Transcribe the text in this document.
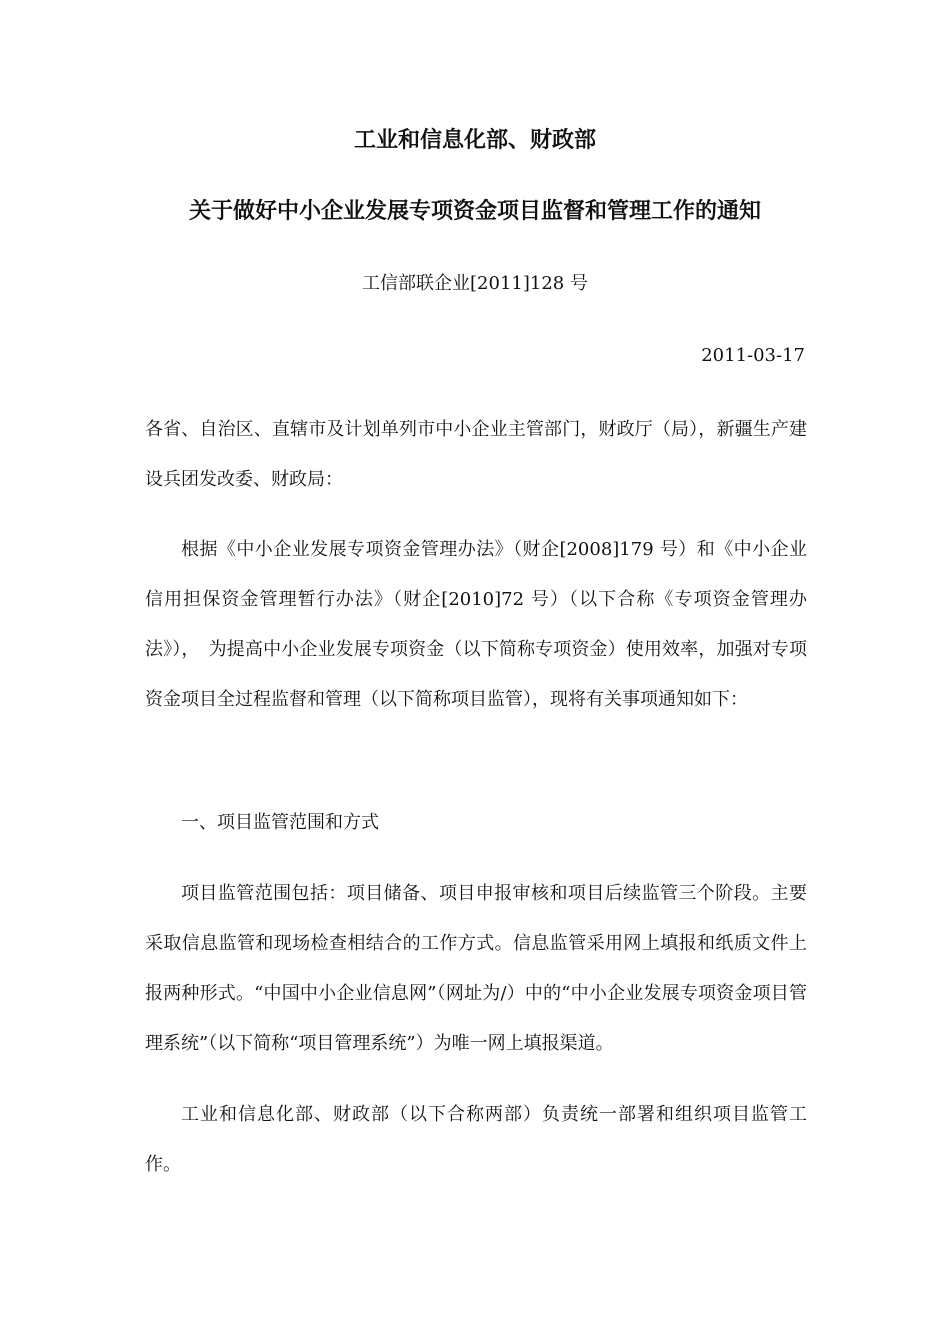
工业和信息化部、财政部
关于做好中小企业发展专项资金项目监督和管理工作的通知
工信部联企业[2011]128 号
2011-03-17
各省、自治区、直辖市及计划单列市中小企业主管部门，财政厅（局），新疆生产建设兵团发改委、财政局：
根据《中小企业发展专项资金管理办法》（财企[2008]179 号）和《中小企业信用担保资金管理暂行办法》（财企[2010]72 号）（以下合称《专项资金管理办法》），　为提高中小企业发展专项资金（以下简称专项资金）使用效率，加强对专项资金项目全过程监督和管理（以下简称项目监管），现将有关事项通知如下：
一、项目监管范围和方式
项目监管范围包括：项目储备、项目申报审核和项目后续监管三个阶段。主要采取信息监管和现场检查相结合的工作方式。信息监管采用网上填报和纸质文件上报两种形式。“中国中小企业信息网”（网址为/）中的“中小企业发展专项资金项目管理系统”（以下简称“项目管理系统”）为唯一网上填报渠道。
工业和信息化部、财政部（以下合称两部）负责统一部署和组织项目监管工作。
